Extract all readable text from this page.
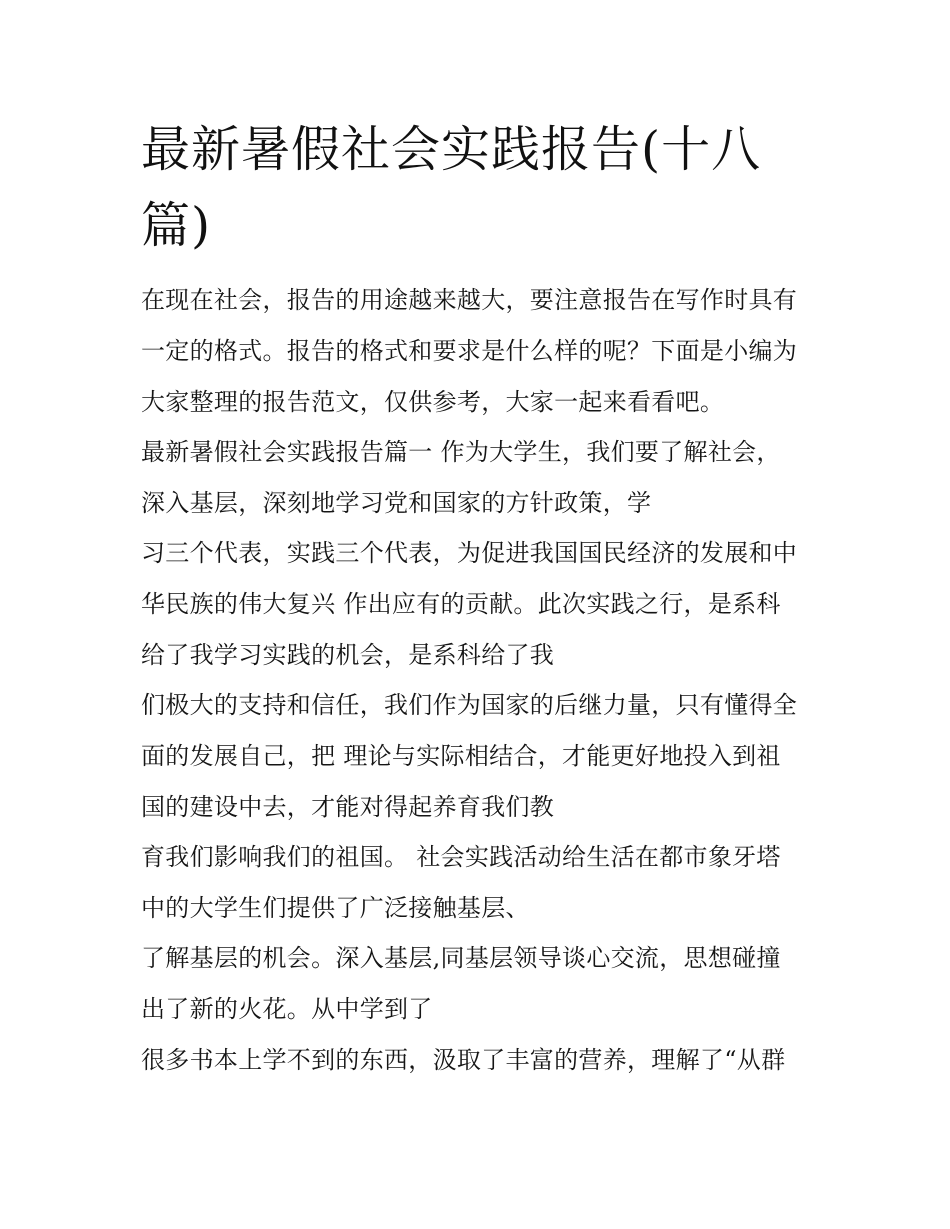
最新暑假社会实践报告(十八
篇)

在现在社会，报告的用途越来越大，要注意报告在写作时具有

一定的格式。报告的格式和要求是什么样的呢？下面是小编为

大家整理的报告范文，仅供参考，大家一起来看看吧。

最新暑假社会实践报告篇一 作为大学生，我们要了解社会，

深入基层，深刻地学习党和国家的方针政策，学

习三个代表，实践三个代表，为促进我国国民经济的发展和中

华民族的伟大复兴 作出应有的贡献。此次实践之行，是系科

给了我学习实践的机会，是系科给了我

们极大的支持和信任，我们作为国家的后继力量，只有懂得全

面的发展自己，把 理论与实际相结合，才能更好地投入到祖

国的建设中去，才能对得起养育我们教

育我们影响我们的祖国。 社会实践活动给生活在都市象牙塔

中的大学生们提供了广泛接触基层、

了解基层的机会。深入基层,同基层领导谈心交流，思想碰撞

出了新的火花。从中学到了

很多书本上学不到的东西，汲取了丰富的营养，理解了“从群
